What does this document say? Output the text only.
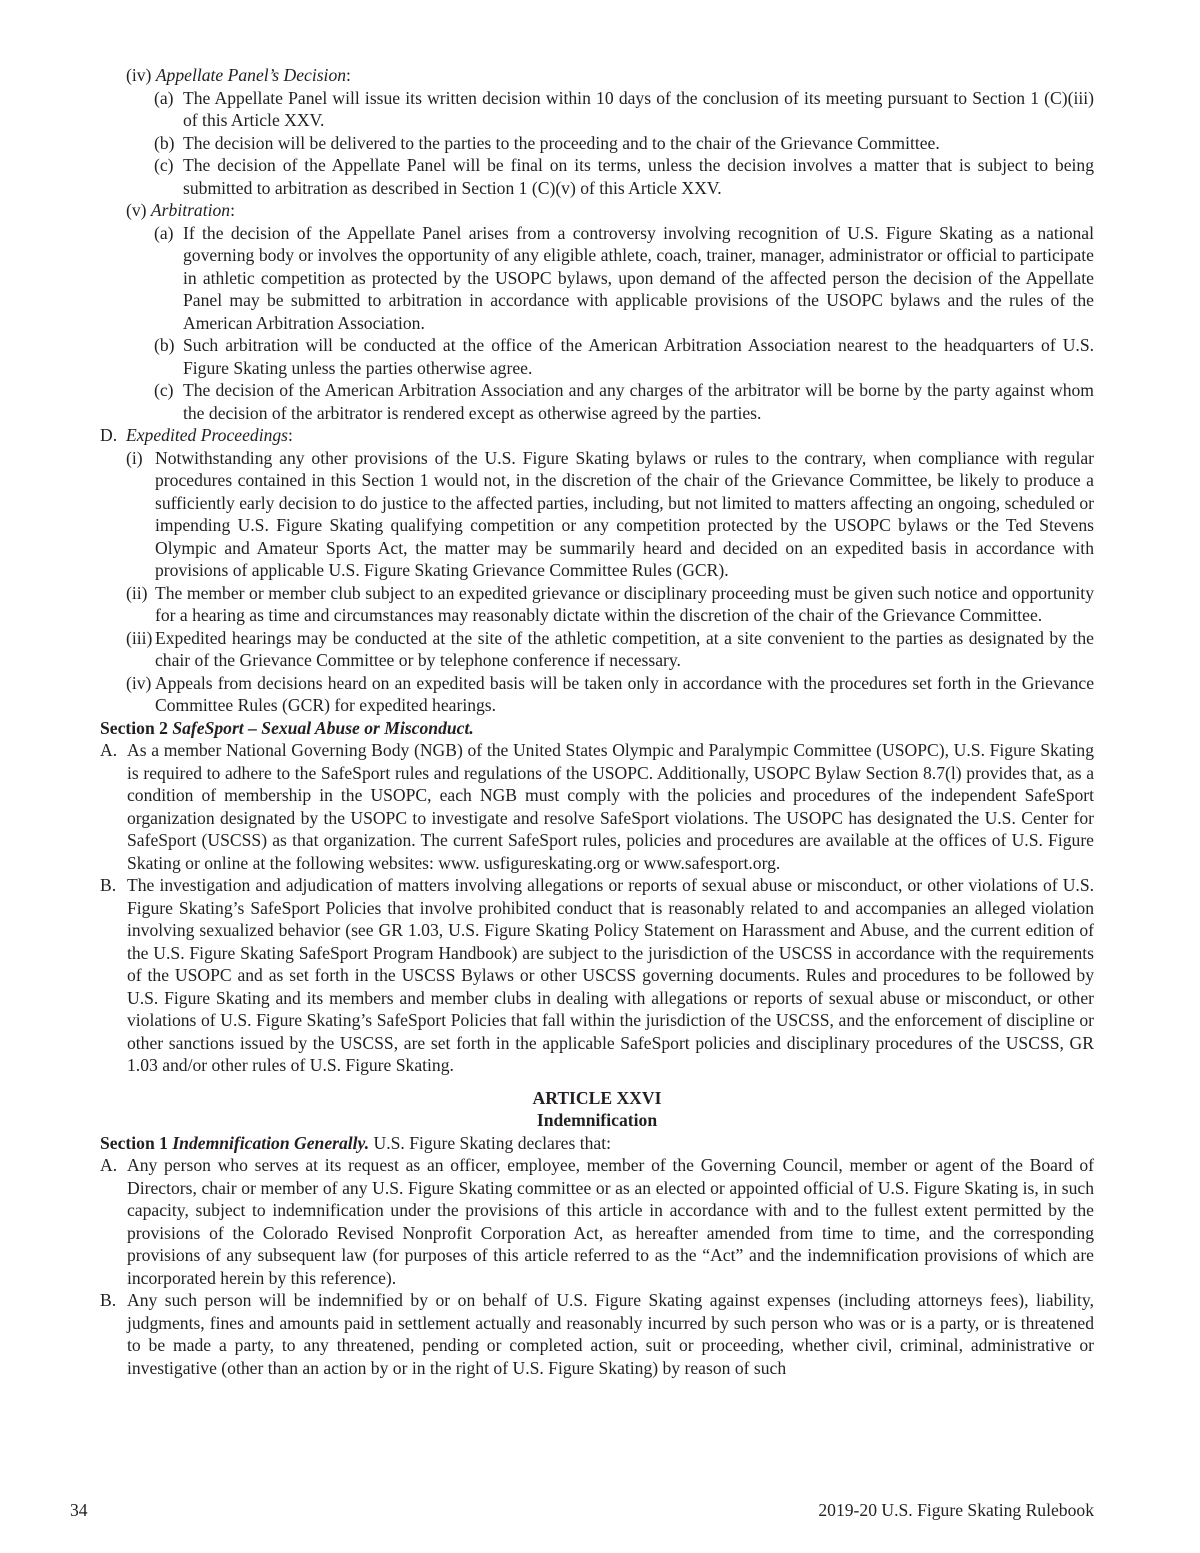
(iv) Appellate Panel’s Decision:
(a) The Appellate Panel will issue its written decision within 10 days of the conclusion of its meeting pursuant to Section 1 (C)(iii) of this Article XXV.
(b) The decision will be delivered to the parties to the proceeding and to the chair of the Grievance Committee.
(c) The decision of the Appellate Panel will be final on its terms, unless the decision involves a matter that is subject to being submitted to arbitration as described in Section 1 (C)(v) of this Article XXV.
(v) Arbitration:
(a) If the decision of the Appellate Panel arises from a controversy involving recognition of U.S. Figure Skating as a national governing body or involves the opportunity of any eligible athlete, coach, trainer, manager, administrator or official to participate in athletic competition as protected by the USOPC bylaws, upon demand of the affected person the decision of the Appellate Panel may be submitted to arbitration in accordance with applicable provisions of the USOPC bylaws and the rules of the American Arbitration Association.
(b) Such arbitration will be conducted at the office of the American Arbitration Association nearest to the headquarters of U.S. Figure Skating unless the parties otherwise agree.
(c) The decision of the American Arbitration Association and any charges of the arbitrator will be borne by the party against whom the decision of the arbitrator is rendered except as otherwise agreed by the parties.
D. Expedited Proceedings:
(i) Notwithstanding any other provisions of the U.S. Figure Skating bylaws or rules to the contrary, when compliance with regular procedures contained in this Section 1 would not, in the discretion of the chair of the Grievance Committee, be likely to produce a sufficiently early decision to do justice to the affected parties, including, but not limited to matters affecting an ongoing, scheduled or impending U.S. Figure Skating qualifying competition or any competition protected by the USOPC bylaws or the Ted Stevens Olympic and Amateur Sports Act, the matter may be summarily heard and decided on an expedited basis in accordance with provisions of applicable U.S. Figure Skating Grievance Committee Rules (GCR).
(ii) The member or member club subject to an expedited grievance or disciplinary proceeding must be given such notice and opportunity for a hearing as time and circumstances may reasonably dictate within the discretion of the chair of the Grievance Committee.
(iii) Expedited hearings may be conducted at the site of the athletic competition, at a site convenient to the parties as designated by the chair of the Grievance Committee or by telephone conference if necessary.
(iv) Appeals from decisions heard on an expedited basis will be taken only in accordance with the procedures set forth in the Grievance Committee Rules (GCR) for expedited hearings.
Section 2 SafeSport – Sexual Abuse or Misconduct.
A. As a member National Governing Body (NGB) of the United States Olympic and Paralympic Committee (USOPC), U.S. Figure Skating is required to adhere to the SafeSport rules and regulations of the USOPC. Additionally, USOPC Bylaw Section 8.7(l) provides that, as a condition of membership in the USOPC, each NGB must comply with the policies and procedures of the independent SafeSport organization designated by the USOPC to investigate and resolve SafeSport violations. The USOPC has designated the U.S. Center for SafeSport (USCSS) as that organization. The current SafeSport rules, policies and procedures are available at the offices of U.S. Figure Skating or online at the following websites: www. usfigureskating.org or www.safesport.org.
B. The investigation and adjudication of matters involving allegations or reports of sexual abuse or misconduct, or other violations of U.S. Figure Skating’s SafeSport Policies that involve prohibited conduct that is reasonably related to and accompanies an alleged violation involving sexualized behavior (see GR 1.03, U.S. Figure Skating Policy Statement on Harassment and Abuse, and the current edition of the U.S. Figure Skating SafeSport Program Handbook) are subject to the jurisdiction of the USCSS in accordance with the requirements of the USOPC and as set forth in the USCSS Bylaws or other USCSS governing documents. Rules and procedures to be followed by U.S. Figure Skating and its members and member clubs in dealing with allegations or reports of sexual abuse or misconduct, or other violations of U.S. Figure Skating’s SafeSport Policies that fall within the jurisdiction of the USCSS, and the enforcement of discipline or other sanctions issued by the USCSS, are set forth in the applicable SafeSport policies and disciplinary procedures of the USCSS, GR 1.03 and/or other rules of U.S. Figure Skating.
ARTICLE XXVI
Indemnification
Section 1 Indemnification Generally. U.S. Figure Skating declares that:
A. Any person who serves at its request as an officer, employee, member of the Governing Council, member or agent of the Board of Directors, chair or member of any U.S. Figure Skating committee or as an elected or appointed official of U.S. Figure Skating is, in such capacity, subject to indemnification under the provisions of this article in accordance with and to the fullest extent permitted by the provisions of the Colorado Revised Nonprofit Corporation Act, as hereafter amended from time to time, and the corresponding provisions of any subsequent law (for purposes of this article referred to as the “Act” and the indemnification provisions of which are incorporated herein by this reference).
B. Any such person will be indemnified by or on behalf of U.S. Figure Skating against expenses (including attorneys fees), liability, judgments, fines and amounts paid in settlement actually and reasonably incurred by such person who was or is a party, or is threatened to be made a party, to any threatened, pending or completed action, suit or proceeding, whether civil, criminal, administrative or investigative (other than an action by or in the right of U.S. Figure Skating) by reason of such
34	2019-20 U.S. Figure Skating Rulebook
